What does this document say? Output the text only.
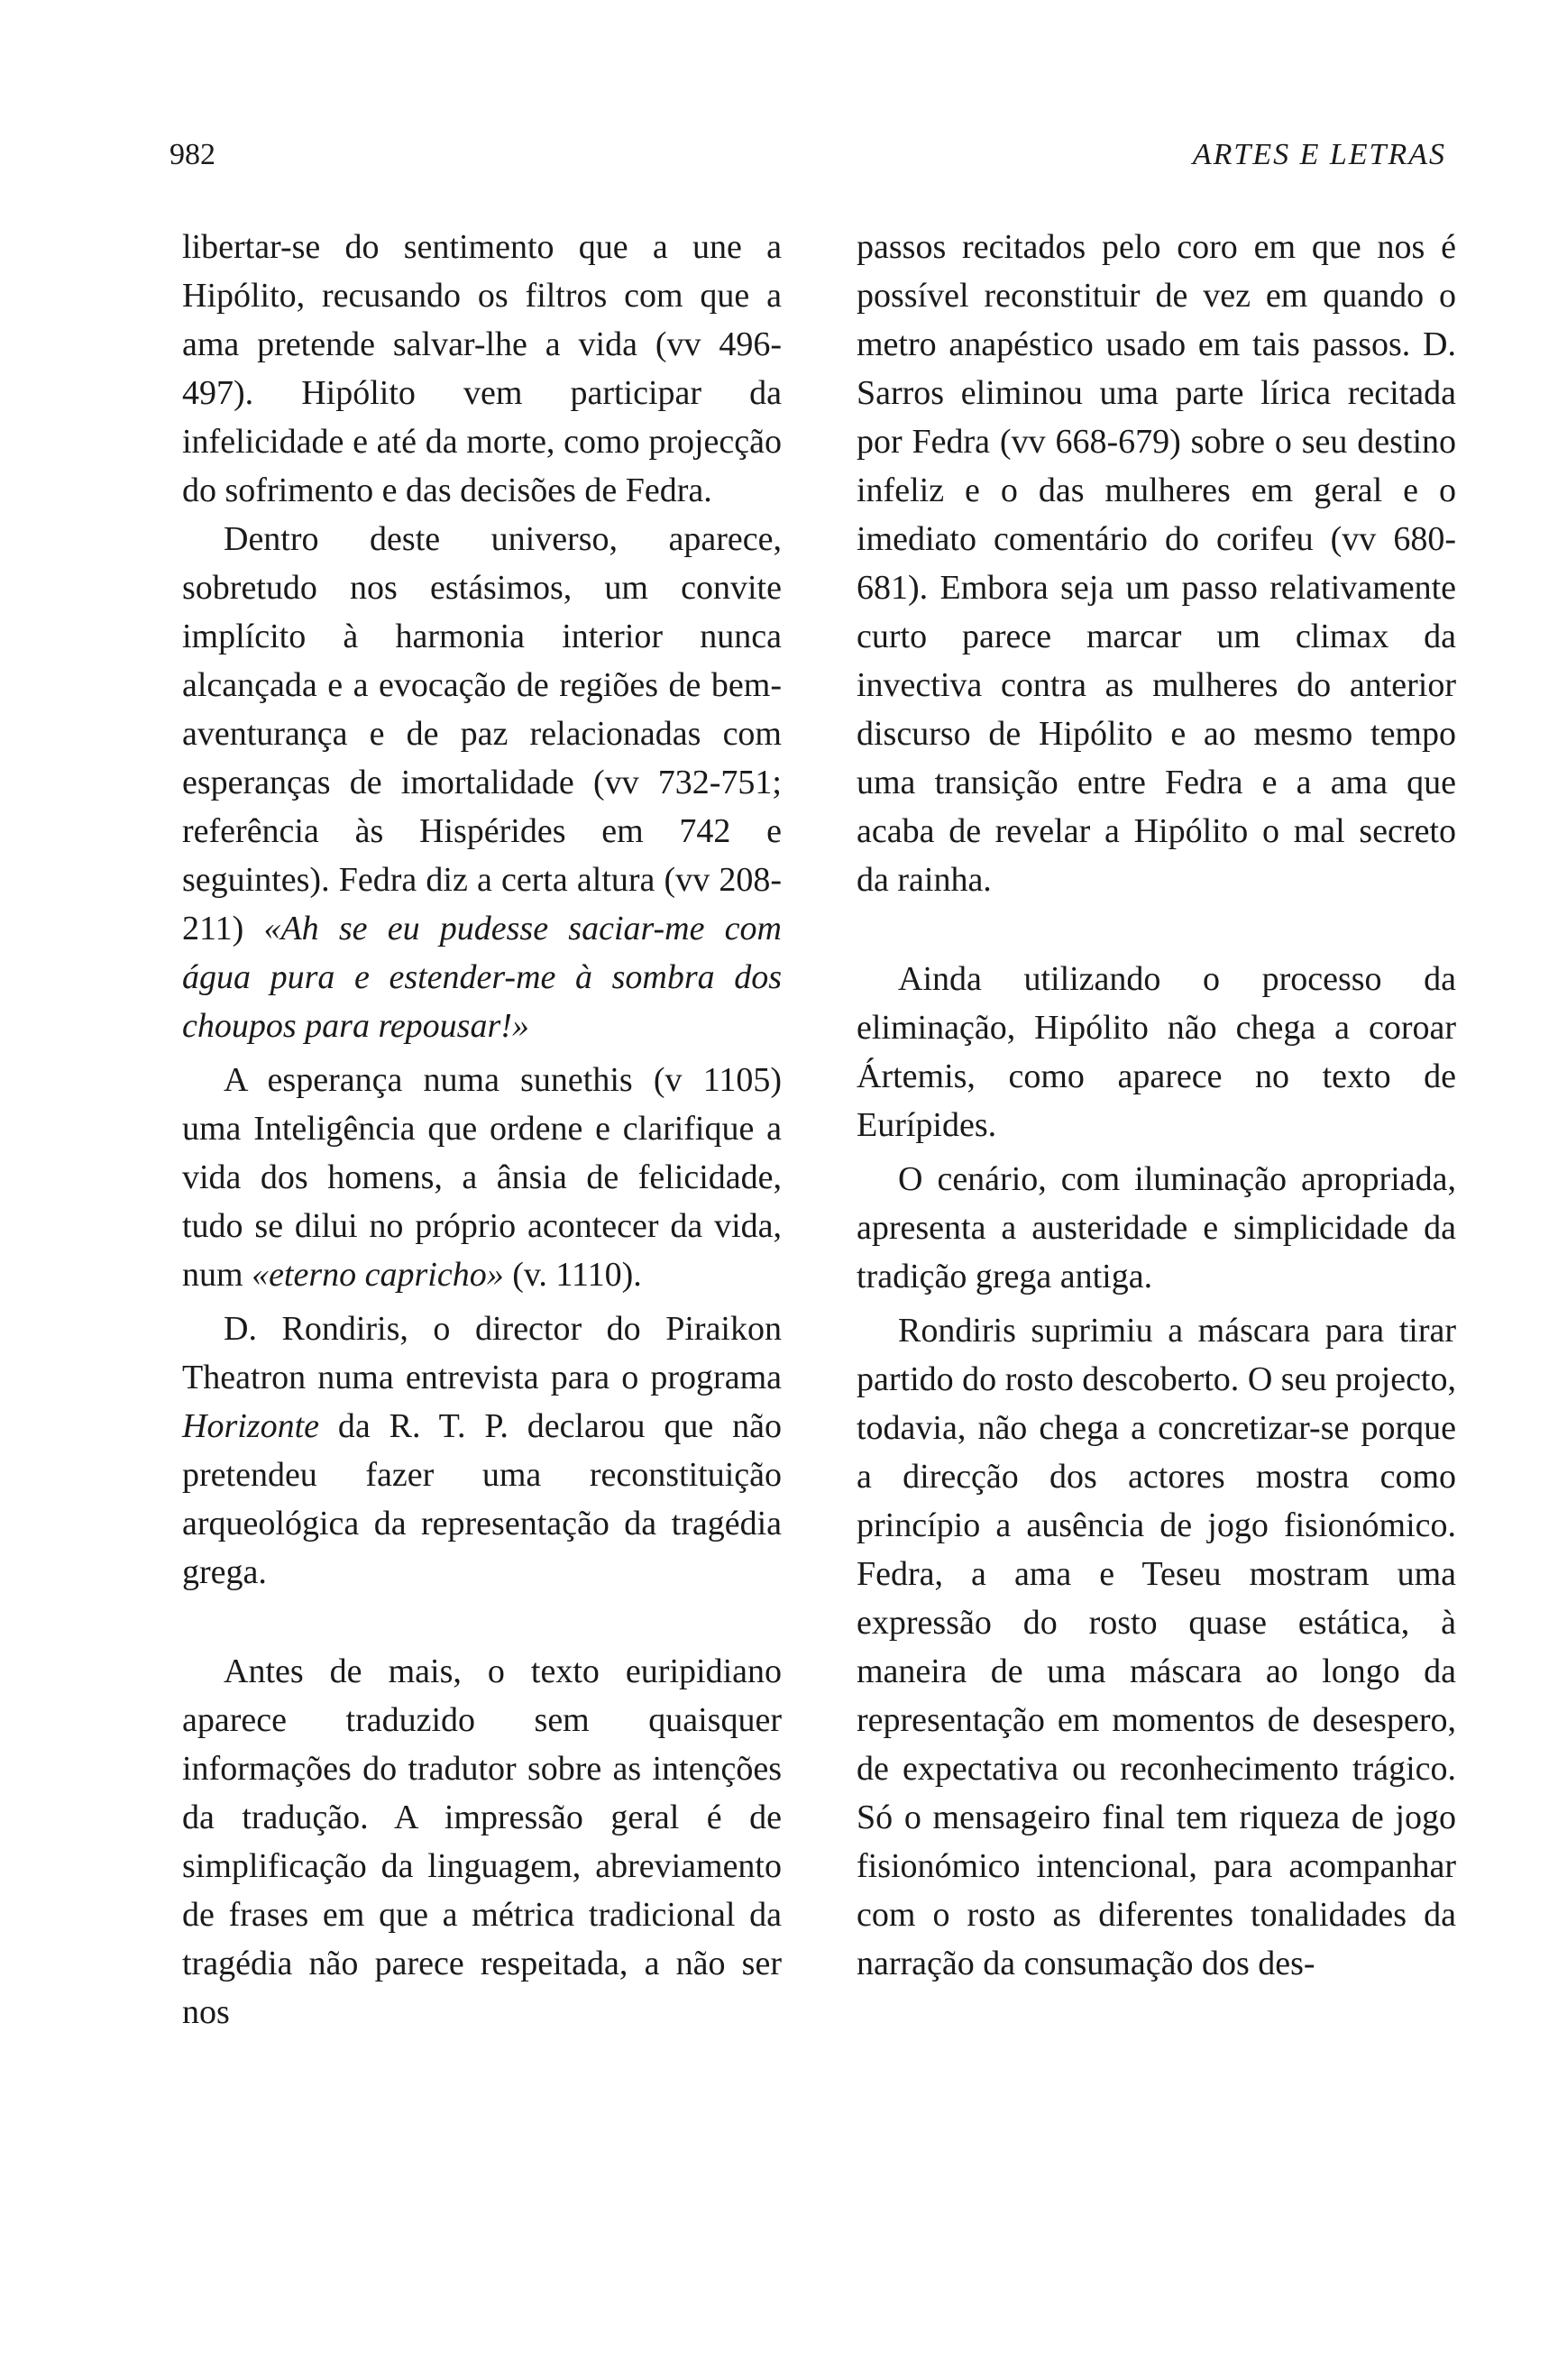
982	ARTES E LETRAS

libertar-se do sentimento que a une a Hipólito, recusando os filtros com que a ama pretende salvar-lhe a vida (vv 496-497). Hipólito vem participar da infelicidade e até da morte, como projecção do sofrimento e das decisões de Fedra.

Dentro deste universo, aparece, sobretudo nos estásimos, um convite implícito à harmonia interior nunca alcançada e a evocação de regiões de bem-aventurança e de paz relacionadas com esperanças de imortalidade (vv 732-751; referência às Hispérides em 742 e seguintes). Fedra diz a certa altura (vv 208-211) «Ah se eu pudesse saciar-me com água pura e estender-me à sombra dos choupos para repousar!»

A esperança numa sunethis (v 1105) uma Inteligência que ordene e clarifique a vida dos homens, a ânsia de felicidade, tudo se dilui no próprio acontecer da vida, num «eterno capricho» (v. 1110).

D. Rondiris, o director do Piraikon Theatron numa entrevista para o programa Horizonte da R. T. P. declarou que não pretendeu fazer uma reconstituição arqueológica da representação da tragédia grega.

Antes de mais, o texto euripidiano aparece traduzido sem quaisquer informações do tradutor sobre as intenções da tradução. A impressão geral é de simplificação da linguagem, abreviamento de frases em que a métrica tradicional da tragédia não parece respeitada, a não ser nos

passos recitados pelo coro em que nos é possível reconstituir de vez em quando o metro anapéstico usado em tais passos. D. Sarros eliminou uma parte lírica recitada por Fedra (vv 668-679) sobre o seu destino infeliz e o das mulheres em geral e o imediato comentário do corifeu (vv 680-681). Embora seja um passo relativamente curto parece marcar um climax da invectiva contra as mulheres do anterior discurso de Hipólito e ao mesmo tempo uma transição entre Fedra e a ama que acaba de revelar a Hipólito o mal secreto da rainha.

Ainda utilizando o processo da eliminação, Hipólito não chega a coroar Ártemis, como aparece no texto de Eurípides.

O cenário, com iluminação apropriada, apresenta a austeridade e simplicidade da tradição grega antiga.

Rondiris suprimiu a máscara para tirar partido do rosto descoberto. O seu projecto, todavia, não chega a concretizar-se porque a direcção dos actores mostra como princípio a ausência de jogo fisionómico. Fedra, a ama e Teseu mostram uma expressão do rosto quase estática, à maneira de uma máscara ao longo da representação em momentos de desespero, de expectativa ou reconhecimento trágico. Só o mensageiro final tem riqueza de jogo fisionómico intencional, para acompanhar com o rosto as diferentes tonalidades da narração da consumação dos des-
